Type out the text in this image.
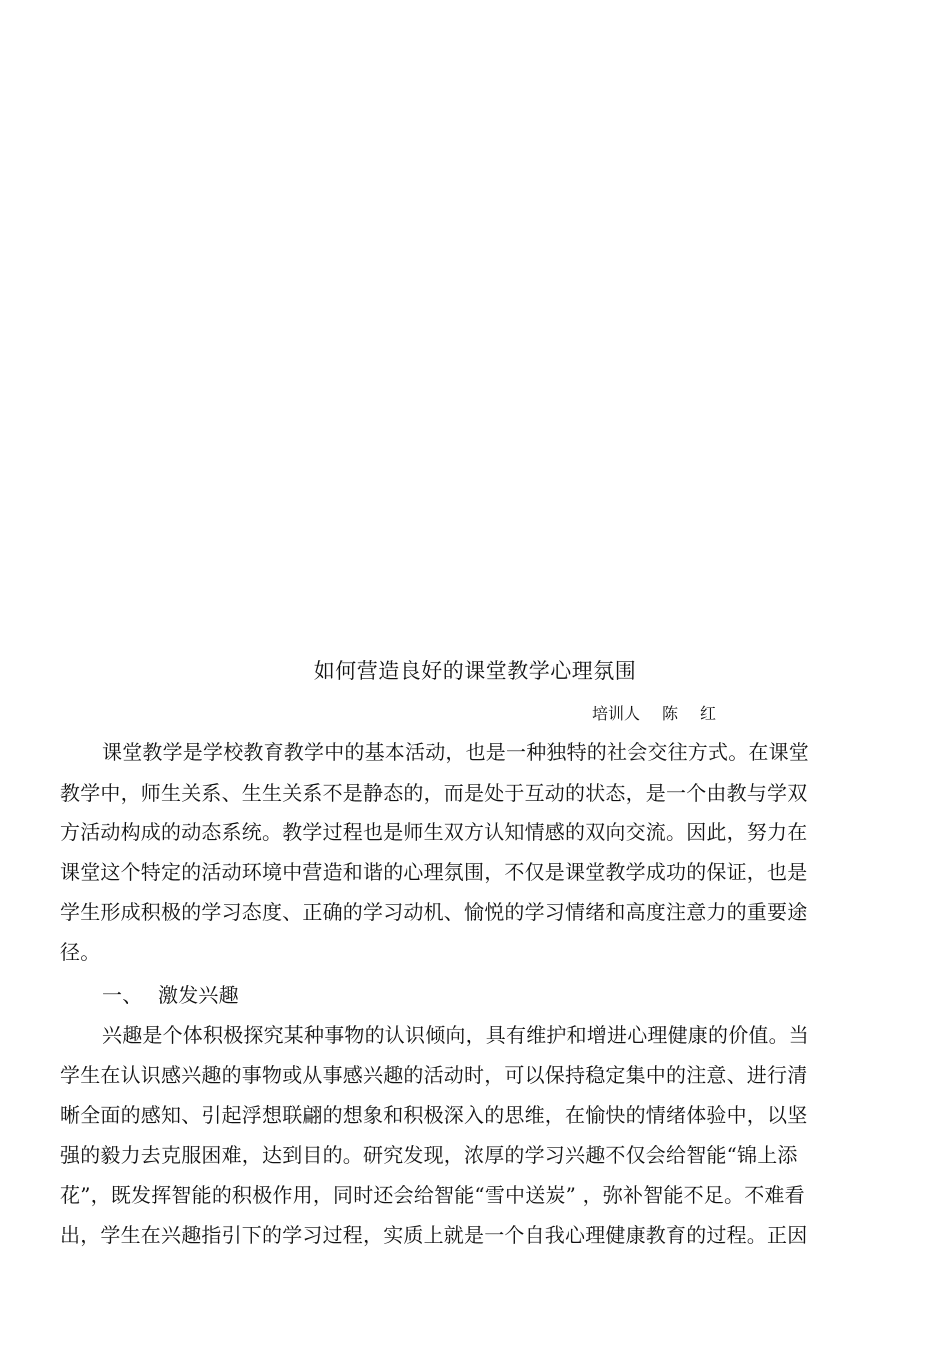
如何营造良好的课堂教学心理氛围
培训人 陈 红
课堂教学是学校教育教学中的基本活动，也是一种独特的社会交往方式。在课堂
教学中，师生关系、生生关系不是静态的，而是处于互动的状态，是一个由教与学双
方活动构成的动态系统。教学过程也是师生双方认知情感的双向交流。因此，努力在
课堂这个特定的活动环境中营造和谐的心理氛围，不仅是课堂教学成功的保证，也是
学生形成积极的学习态度、正确的学习动机、愉悦的学习情绪和高度注意力的重要途
径。
一、 激发兴趣
兴趣是个体积极探究某种事物的认识倾向，具有维护和增进心理健康的价值。当
学生在认识感兴趣的事物或从事感兴趣的活动时，可以保持稳定集中的注意、进行清
晰全面的感知、引起浮想联翩的想象和积极深入的思维，在愉快的情绪体验中，以坚
强的毅力去克服困难，达到目的。研究发现，浓厚的学习兴趣不仅会给智能“锦上添
花”，既发挥智能的积极作用，同时还会给智能“雪中送炭” ，弥补智能不足。不难看
出，学生在兴趣指引下的学习过程，实质上就是一个自我心理健康教育的过程。正因
